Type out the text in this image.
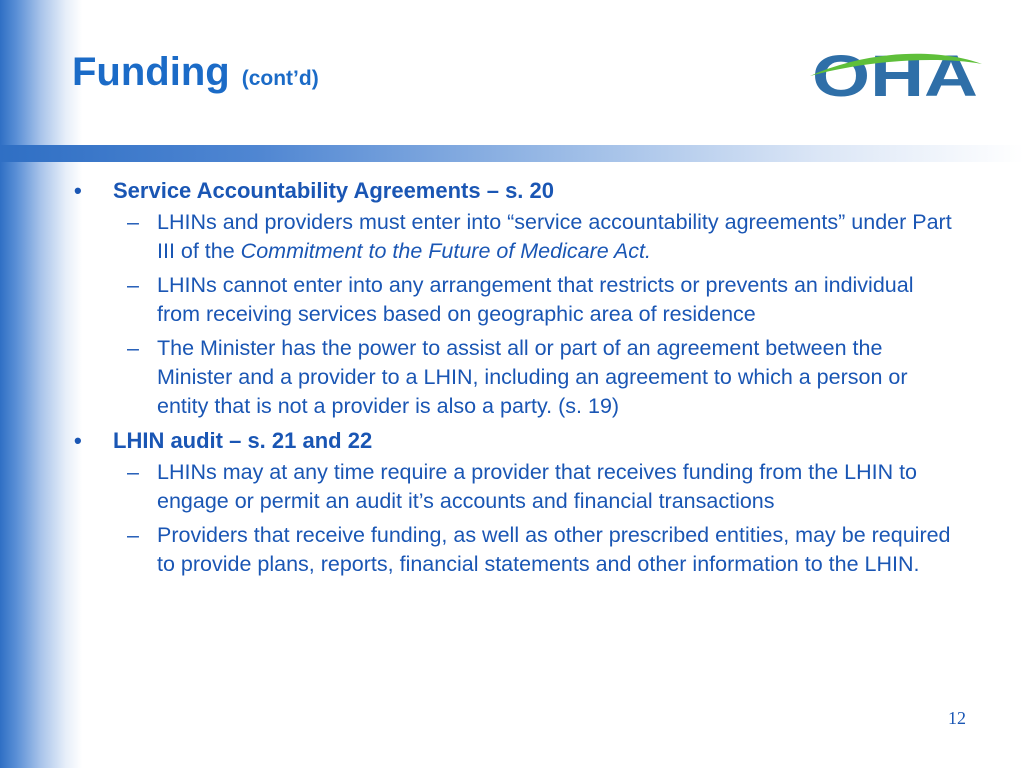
Funding (cont’d)	OHA
• Service Accountability Agreements – s. 20
– LHINs and providers must enter into “service accountability agreements” under Part III of the Commitment to the Future of Medicare Act.
– LHINs cannot enter into any arrangement that restricts or prevents an individual from receiving services based on geographic area of residence
– The Minister has the power to assist all or part of an agreement between the Minister and a provider to a LHIN, including an agreement to which a person or entity that is not a provider is also a party. (s. 19)
• LHIN audit – s. 21 and 22
– LHINs may at any time require a provider that receives funding from the LHIN to engage or permit an audit it’s accounts and financial transactions
– Providers that receive funding, as well as other prescribed entities, may be required to provide plans, reports, financial statements and other information to the LHIN.
12
